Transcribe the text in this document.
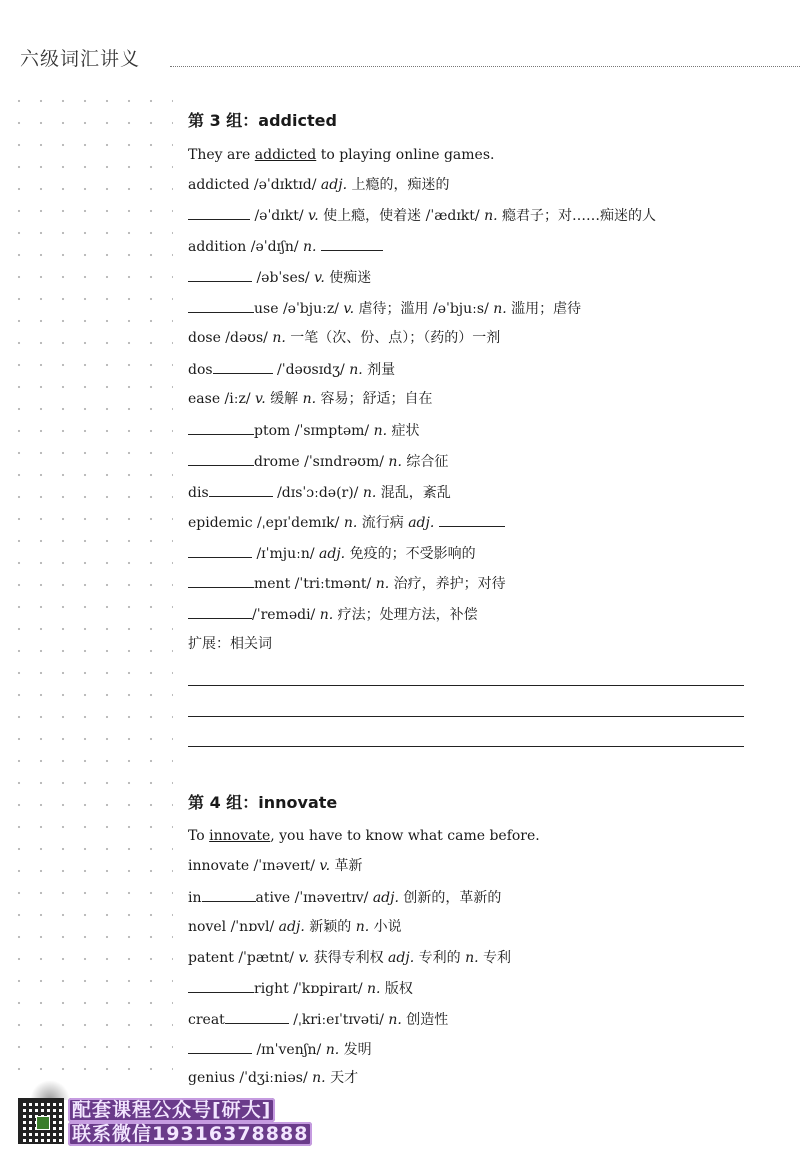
六级词汇讲义
第 3 组：addicted
They are addicted to playing online games.
addicted /əˈdɪktɪd/ adj. 上瘾的，痴迷的
/əˈdɪkt/ v. 使上瘾，使着迷 /ˈædɪkt/ n. 瘾君子；对……痴迷的人
addition /əˈdɪʃn/ n.
/əbˈses/ v. 使痴迷
use /əˈbjuːz/ v. 虐待；滥用 /əˈbjuːs/ n. 滥用；虐待
dose /dəʊs/ n. 一笔（次、份、点）；（药的）一剂
dos	/ˈdəʊsɪdʒ/ n. 剂量
ease /iːz/ v. 缓解 n. 容易；舒适；自在
ptom /ˈsɪmptəm/ n. 症状
drome /ˈsɪndrəʊm/ n. 综合征
dis	/dɪsˈɔːdə(r)/ n. 混乱，紊乱
epidemic /ˌepɪˈdemɪk/ n. 流行病 adj.
/ɪˈmjuːn/ adj. 免疫的；不受影响的
ment /ˈtriːtmənt/ n. 治疗，养护；对待
/ˈremədi/ n. 疗法；处理方法，补偿
扩展：相关词
第 4 组：innovate
To innovate, you have to know what came before.
innovate /ˈɪnəveɪt/ v. 革新
in	ative /ˈɪnəveɪtɪv/ adj. 创新的，革新的
novel /ˈnɒvl/ adj. 新颖的 n. 小说
patent /ˈpætnt/ v. 获得专利权 adj. 专利的 n. 专利
right /ˈkɒpiraɪt/ n. 版权
creat	/ˌkriːeɪˈtɪvəti/ n. 创造性
/ɪnˈvenʃn/ n. 发明
genius /ˈdʒiːniəs/ n. 天才
配套课程公众号[研大]
联系微信19316378888
